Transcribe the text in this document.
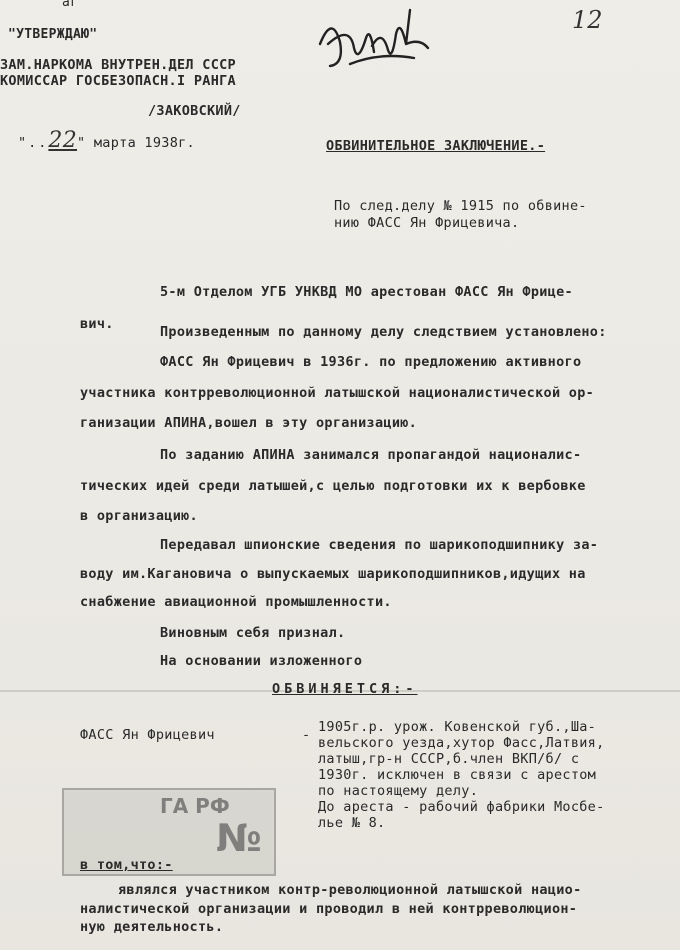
аг
"УТВЕРЖДАЮ"
ЗАМ.НАРКОМА ВНУТРЕН.ДЕЛ СССР
КОМИССАР ГОСБЕЗОПАСН.I РАНГА
/ЗАКОВСКИЙ/
"..22" марта 1938г.
12
ОБВИНИТЕЛЬНОЕ ЗАКЛЮЧЕНИЕ.-
По след.делу № 1915 по обвине-
нию ФАСС Ян Фрицевича.
5-м Отделом УГБ УНКВД МО арестован ФАСС Ян Фрице-
вич.	Произведенным по данному делу следствием установлено:
ФАСС Ян Фрицевич в 1936г. по предложению активного
участника контрреволюционной латышской националистической ор-
ганизации АПИНА,вошел в эту организацию.
По заданию АПИНА занимался пропагандой националис-
тических идей среди латышей,с целью подготовки их к вербовке
в организацию.
Передавал шпионские сведения по шарикоподшипнику за-
воду им.Кагановича о выпускаемых шарикоподшипников,идущих на
снабжение авиационной промышленности.
Виновным себя признал.
На основании изложенного
ОБВИНЯЕТСЯ:-
ФАСС Ян Фрицевич	- 1905г.р. урож. Ковенской губ.,Ша-
вельского уезда,хутор Фасс,Латвия,
латыш,гр-н СССР,б.член ВКП/б/ с
1930г. исключен в связи с арестом
по настоящему делу.
До ареста - рабочий фабрики Мосбе-
лье № 8.
ГА РФ
№
в том,что:-
являлся участником контр-революционной латышской нацио-
налистической организации и проводил в ней контрреволюцион-
ную деятельность.
